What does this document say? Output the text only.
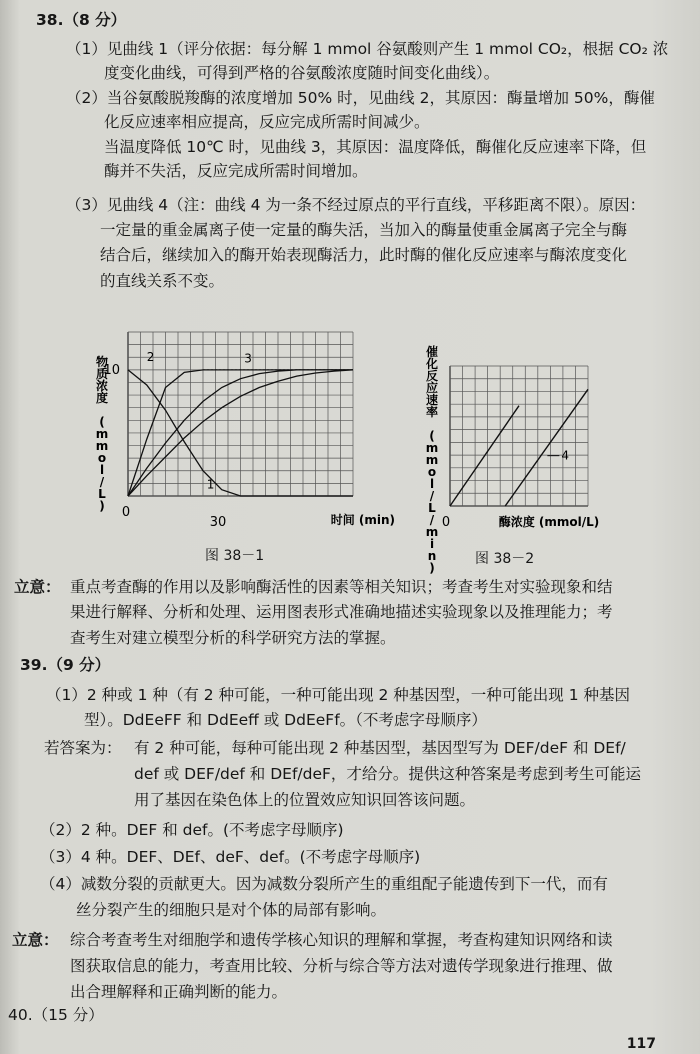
38.（8 分）
（1）见曲线 1（评分依据：每分解 1 mmol 谷氨酸则产生 1 mmol CO₂，根据 CO₂ 浓
度变化曲线，可得到严格的谷氨酸浓度随时间变化曲线）。
（2）当谷氨酸脱羧酶的浓度增加 50% 时，见曲线 2，其原因：酶量增加 50%，酶催
化反应速率相应提高，反应完成所需时间减少。
当温度降低 10℃ 时，见曲线 3，其原因：温度降低，酶催化反应速率下降，但
酶并不失活，反应完成所需时间增加。
（3）见曲线 4（注：曲线 4 为一条不经过原点的平行直线，平移距离不限）。原因：
一定量的重金属离子使一定量的酶失活，当加入的酶量使重金属离子完全与酶
结合后，继续加入的酶开始表现酶活力，此时酶的催化反应速率与酶浓度变化
的直线关系不变。
10
0
30	时间 (min)
物质浓度 ( m m o l / L )
2	3
1
图 38－1
4
0	酶浓度 (mmol/L)
催化反应速率 ( m m o l / L / m i n )
图 38－2
立意： 重点考查酶的作用以及影响酶活性的因素等相关知识；考查考生对实验现象和结
果进行解释、分析和处理、运用图表形式准确地描述实验现象以及推理能力；考
查考生对建立模型分析的科学研究方法的掌握。
39.（9 分）
（1）2 种或 1 种（有 2 种可能，一种可能出现 2 种基因型，一种可能出现 1 种基因
型）。DdEeFF 和 DdEeff 或 DdEeFf。（不考虑字母顺序）
若答案为： 有 2 种可能，每种可能出现 2 种基因型，基因型写为 DEF/deF 和 DEf/
def 或 DEF/def 和 DEf/deF，才给分。提供这种答案是考虑到考生可能运
用了基因在染色体上的位置效应知识回答该问题。
（2）2 种。DEF 和 def。(不考虑字母顺序)
（3）4 种。DEF、DEf、deF、def。(不考虑字母顺序)
（4）减数分裂的贡献更大。因为减数分裂所产生的重组配子能遗传到下一代，而有
丝分裂产生的细胞只是对个体的局部有影响。
立意： 综合考查考生对细胞学和遗传学核心知识的理解和掌握，考查构建知识网络和读
图获取信息的能力，考查用比较、分析与综合等方法对遗传学现象进行推理、做
出合理解释和正确判断的能力。
40.（15 分）
117
